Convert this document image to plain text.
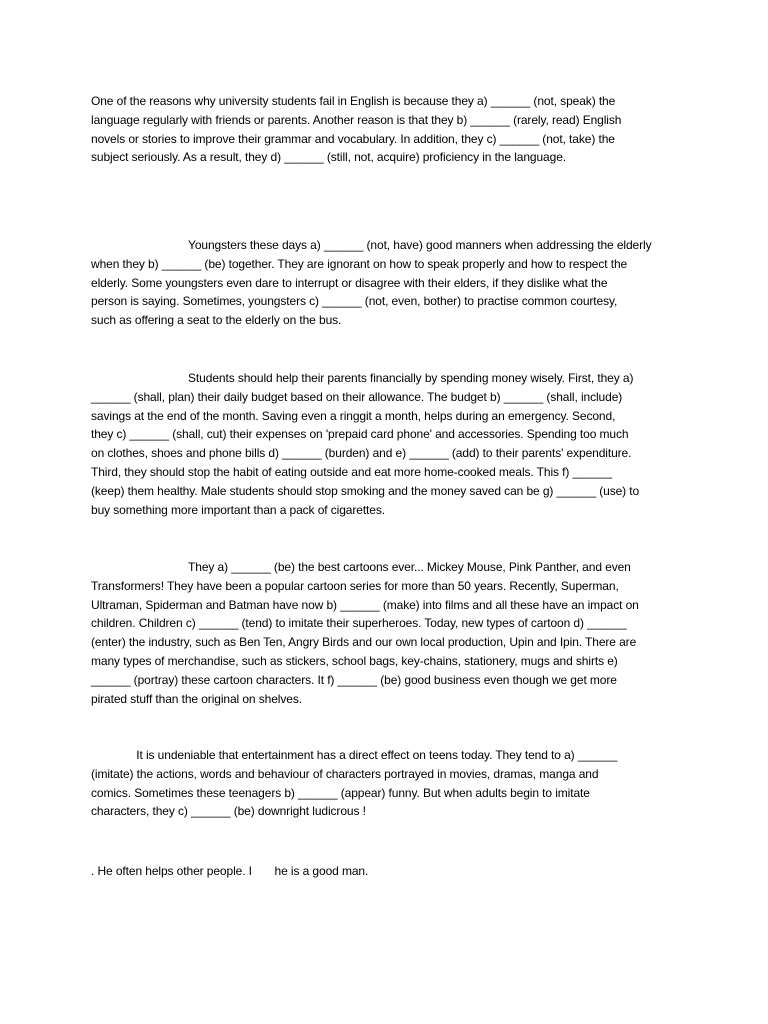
One of the reasons why university students fail in English is because they a) ______ (not, speak) the
language regularly with friends or parents. Another reason is that they b) ______ (rarely, read) English
novels or stories to improve their grammar and vocabulary. In addition, they c) ______ (not, take) the
subject seriously. As a result, they d) ______ (still, not, acquire) proficiency in the language.

Youngsters these days a) ______ (not, have) good manners when addressing the elderly
when they b) ______ (be) together. They are ignorant on how to speak properly and how to respect the
elderly. Some youngsters even dare to interrupt or disagree with their elders, if they dislike what the
person is saying. Sometimes, youngsters c) ______ (not, even, bother) to practise common courtesy,
such as offering a seat to the elderly on the bus.

Students should help their parents financially by spending money wisely. First, they a)
______ (shall, plan) their daily budget based on their allowance. The budget b) ______ (shall, include)
savings at the end of the month. Saving even a ringgit a month, helps during an emergency. Second,
they c) ______ (shall, cut) their expenses on 'prepaid card phone' and accessories. Spending too much
on clothes, shoes and phone bills d) ______ (burden) and e) ______ (add) to their parents' expenditure.
Third, they should stop the habit of eating outside and eat more home-cooked meals. This f) ______
(keep) them healthy. Male students should stop smoking and the money saved can be g) ______ (use) to
buy something more important than a pack of cigarettes.

They a) ______ (be) the best cartoons ever... Mickey Mouse, Pink Panther, and even
Transformers! They have been a popular cartoon series for more than 50 years. Recently, Superman,
Ultraman, Spiderman and Batman have now b) ______ (make) into films and all these have an impact on
children. Children c) ______ (tend) to imitate their superheroes. Today, new types of cartoon d) ______
(enter) the industry, such as Ben Ten, Angry Birds and our own local production, Upin and Ipin. There are
many types of merchandise, such as stickers, school bags, key-chains, stationery, mugs and shirts e)
______ (portray) these cartoon characters. It f) ______ (be) good business even though we get more
pirated stuff than the original on shelves.

It is undeniable that entertainment has a direct effect on teens today. They tend to a) ______
(imitate) the actions, words and behaviour of characters portrayed in movies, dramas, manga and
comics. Sometimes these teenagers b) ______ (appear) funny. But when adults begin to imitate
characters, they c) ______ (be) downright ludicrous !

. He often helps other people. I       he is a good man.
